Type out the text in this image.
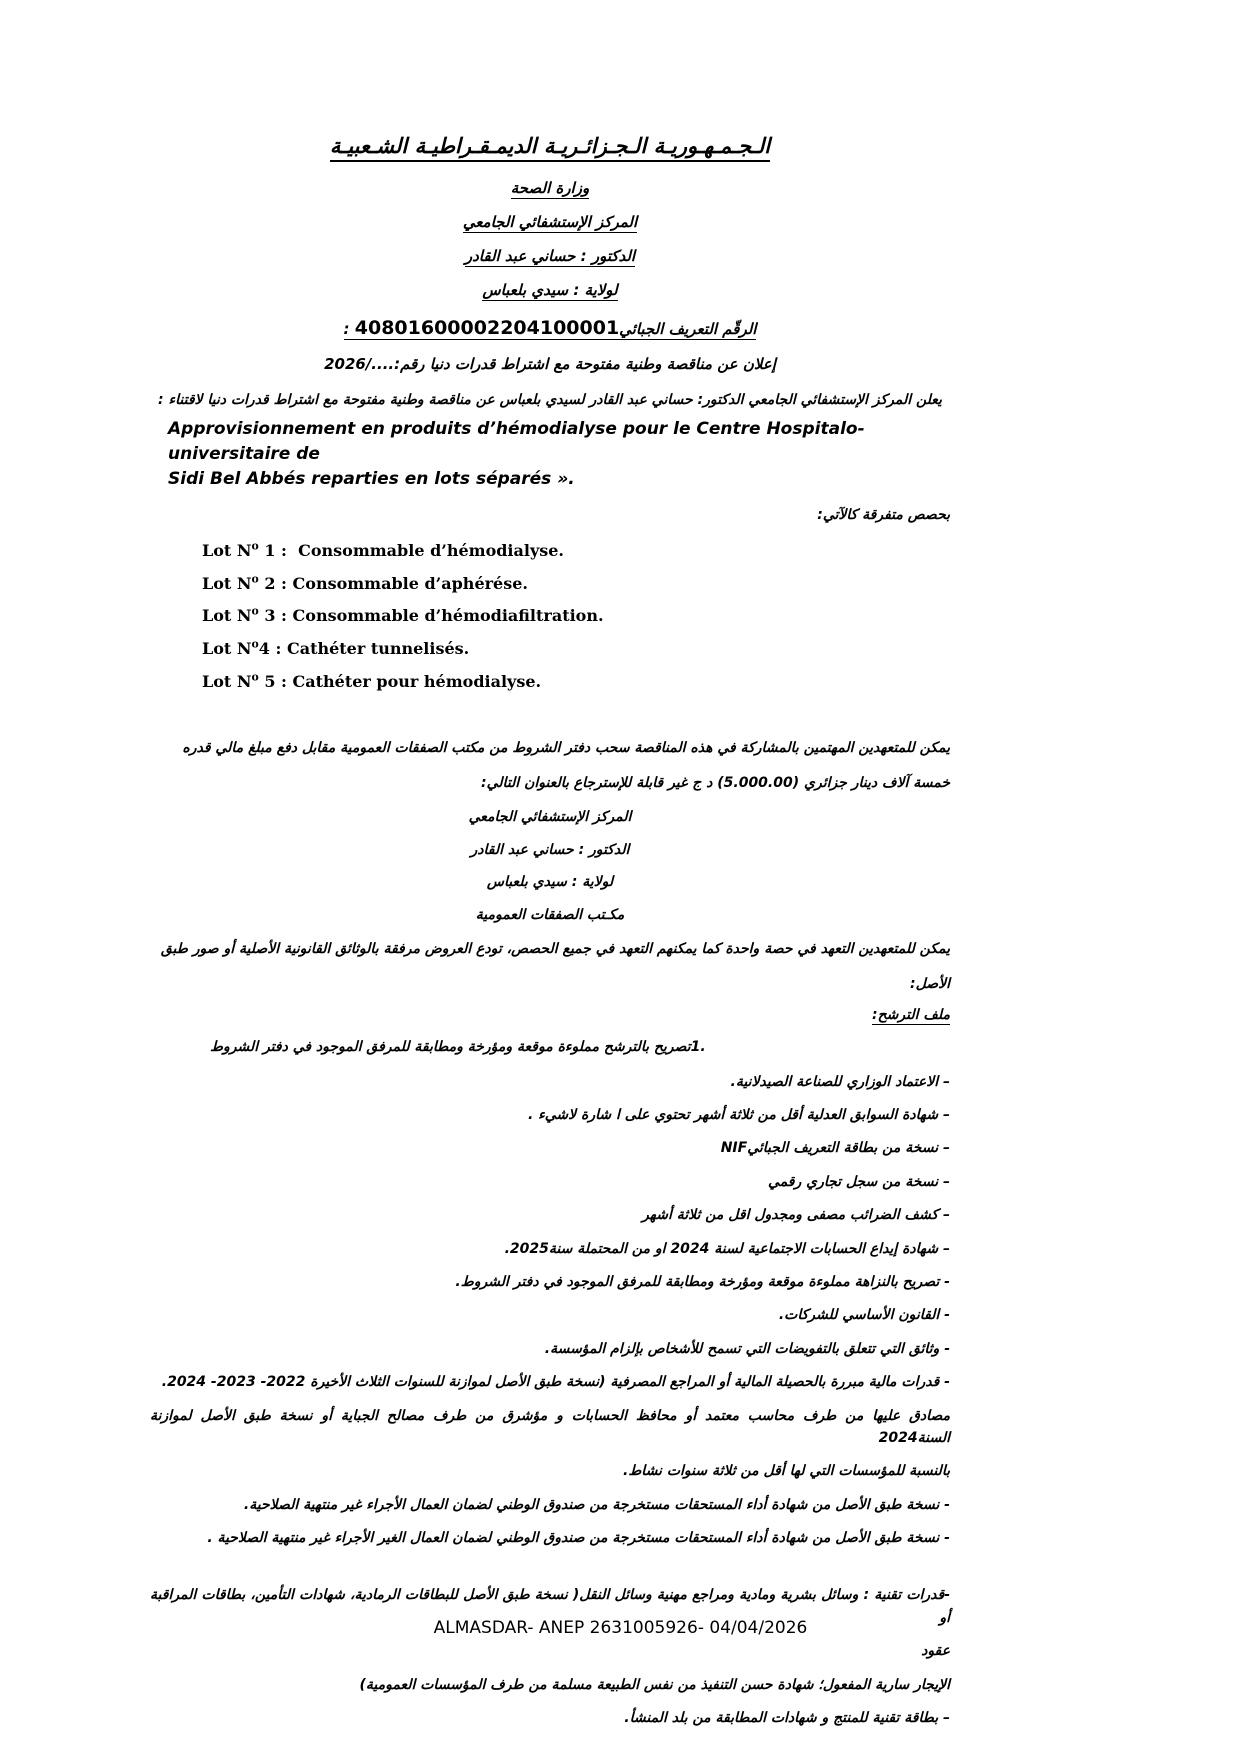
الـجـمـهـوريـة الـجـزائـريـة الديمـقـراطيـة الشـعبيـة
وزارة الصحة
المركز الإستشفائي الجامعي
الدكتور : حساني عبد القادر
لولاية : سيدي بلعباس
الرقّم التعريف الجبائي40801600002204100001 :
إعلان عن مناقصة وطنية مفتوحة مع اشتراط قدرات دنيا رقم:..../2026
يعلن المركز الإستشفائي الجامعي الدكتور: حساني عبد القادر لسيدي بلعباس عن مناقصة وطنية مفتوحة مع اشتراط قدرات دنيا لاقتناء :
Approvisionnement en produits d’hémodialyse pour le Centre Hospitalo-universitaire de
Sidi Bel Abbés reparties en lots séparés ».
بحصص متفرقة كالآتي:
Lot $N^o$ 1 :  Consommable d’hémodialyse.
Lot $N^o$ 2 : Consommable d’aphérése.
Lot $N^o$ 3 : Consommable d’hémodiafiltration.
Lot $N^o4$ : Cathéter tunnelisés.
Lot $N^o$ 5 : Cathéter pour hémodialyse.
يمكن للمتعهدين المهتمين بالمشاركة في هذه المناقصة سحب دفتر الشروط من مكتب الصفقات العمومية مقابل دفع مبلغ مالي قدره
خمسة آلاف دينار جزائري (5.000.00) د ج غير قابلة للإسترجاع بالعنوان التالي:
المركز الإستشفائي الجامعي
الدكتور : حساني عبد القادر
لولاية : سيدي بلعباس
مكـتب الصفقات العمومية
يمكن للمتعهدين التعهد في حصة واحدة كما يمكنهم التعهد في جميع الحصص، تودع العروض مرفقة بالوثائق القانونية الأصلية أو صور طبق
الأصل:
ملف الترشح:
تصريح بالترشح مملوءة موقعة ومؤرخة ومطابقة للمرفق الموجود في دفتر الشروط .1
– الاعتماد الوزاري للصناعة الصيدلانية.
– شهادة السوابق العدلية أقل من ثلاثة أشهر تحتوي على ا شارة لاشيء .
– نسخة من بطاقة التعريف الجبائيNIF
– نسخة من سجل تجاري رقمي
– كشف الضرائب مصفى ومجدول اقل من ثلاثة أشهر
– شهادة إيداع الحسابات الاجتماعية لسنة 2024 او من المحتملة سنة2025.
- تصريح بالنزاهة مملوءة موقعة ومؤرخة ومطابقة للمرفق الموجود في دفتر الشروط.
- القانون الأساسي للشركات.
- وثائق التي تتعلق بالتفويضات التي تسمح للأشخاص بإلزام المؤسسة.
- قدرات مالية مبررة بالحصيلة المالية أو المراجع المصرفية (نسخة طبق الأصل لموازنة للسنوات الثلاث الأخيرة 2022- 2023- 2024.
مصادق عليها من طرف محاسب معتمد أو محافظ الحسابات و مؤشرق من طرف مصالح الجباية أو نسخة طبق الأصل لموازنة السنة2024
بالنسبة للمؤسسات التي لها أقل من ثلاثة سنوات نشاط.
- نسخة طبق الأصل من شهادة أداء المستحقات مستخرجة من صندوق الوطني لضمان العمال الأجراء غير منتهية الصلاحية.
- نسخة طبق الأصل من شهادة أداء المستحقات مستخرجة من صندوق الوطني لضمان العمال الغير الأجراء غير منتهية الصلاحية .
-قدرات تقنية : وسائل بشرية ومادية ومراجع مهنية وسائل النقل( نسخة طبق الأصل للبطاقات الرمادية، شهادات التأمين، بطاقات المراقبة أو
عقود
الإيجار سارية المفعول؛ شهادة حسن التنفيذ من نفس الطبيعة مسلمة من طرف المؤسسات العمومية)
– بطاقة تقنية للمنتج و شهادات المطابقة من بلد المنشأ.
ALMASDAR- ANEP 2631005926- 04/04/2026
